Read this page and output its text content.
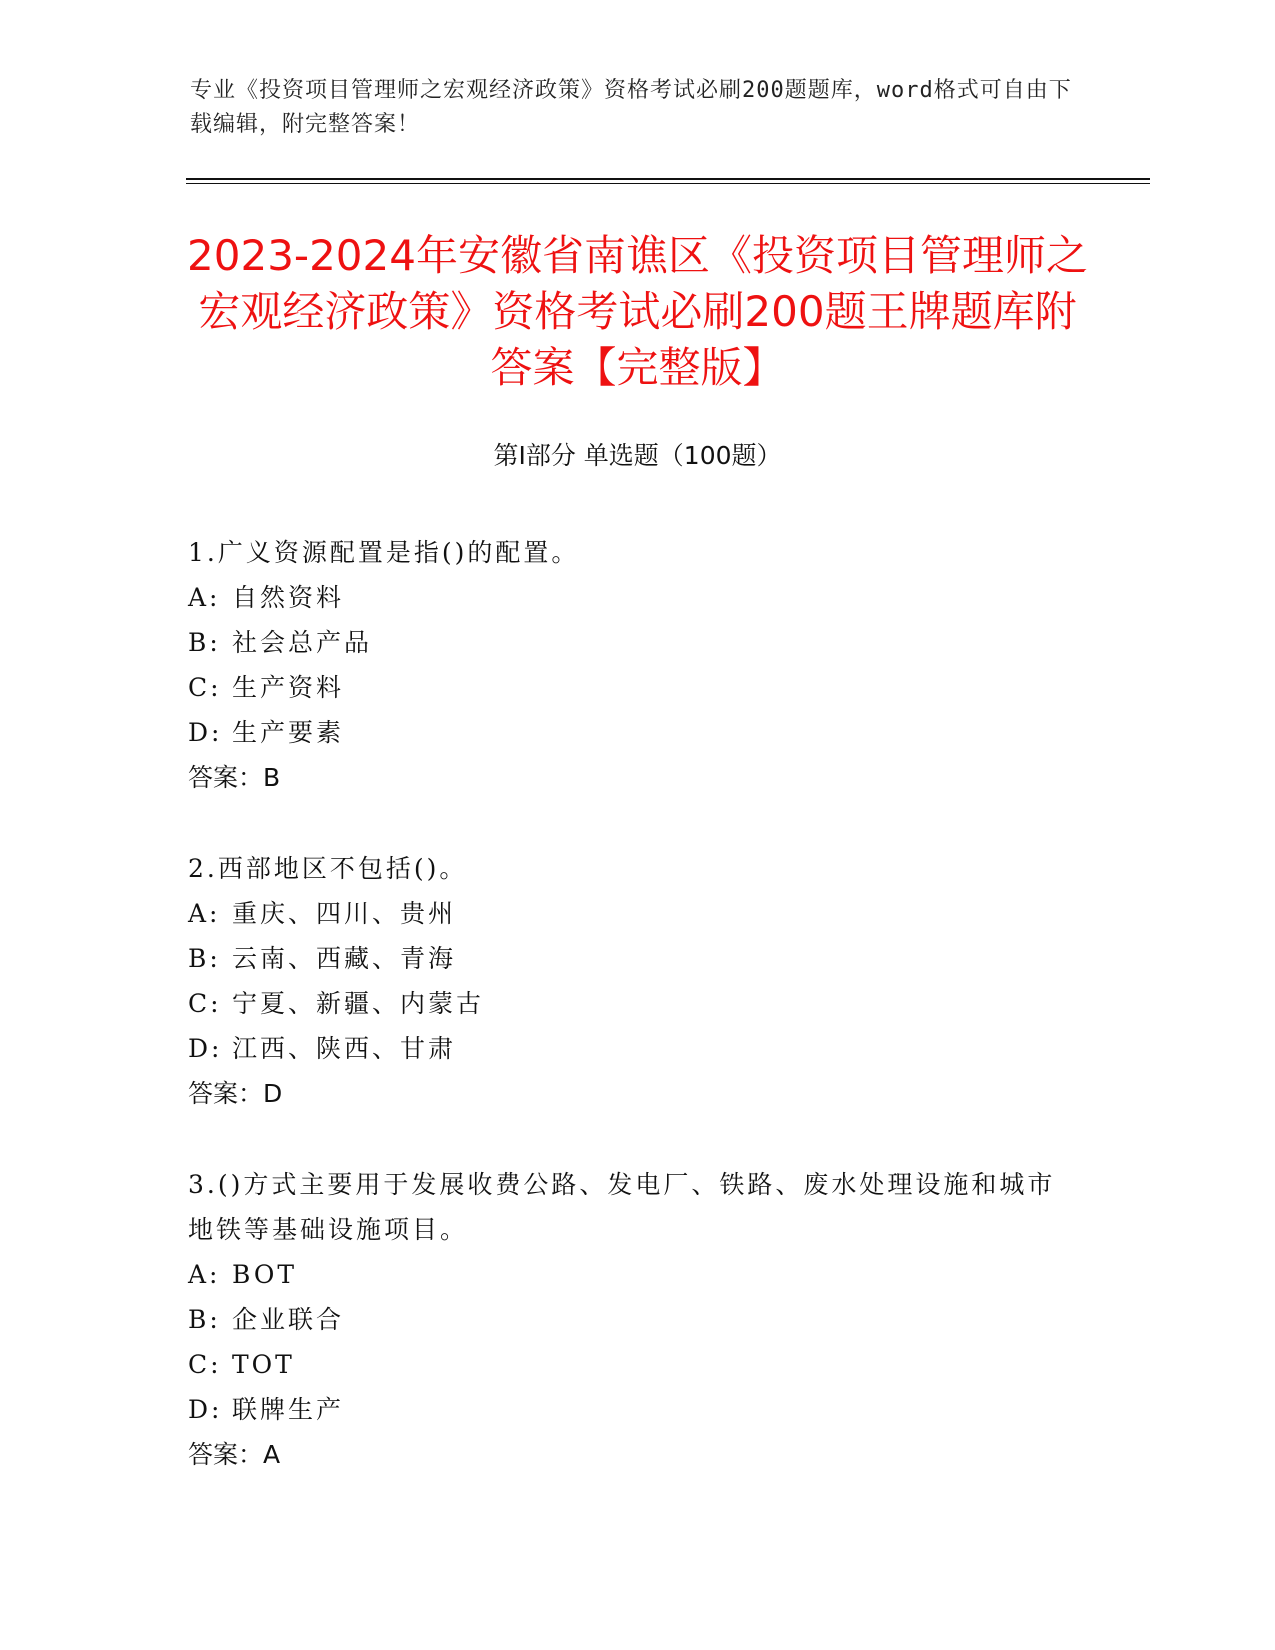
专业《投资项目管理师之宏观经济政策》资格考试必刷200题题库，word格式可自由下载编辑，附完整答案！
2023-2024年安徽省南谯区《投资项目管理师之宏观经济政策》资格考试必刷200题王牌题库附答案【完整版】
第I部分 单选题（100题）
1.广义资源配置是指()的配置。
A: 自然资料
B: 社会总产品
C: 生产资料
D: 生产要素
答案：B
2.西部地区不包括()。
A: 重庆、四川、贵州
B: 云南、西藏、青海
C: 宁夏、新疆、内蒙古
D: 江西、陕西、甘肃
答案：D
3.()方式主要用于发展收费公路、发电厂、铁路、废水处理设施和城市地铁等基础设施项目。
A: BOT
B: 企业联合
C: TOT
D: 联牌生产
答案：A
